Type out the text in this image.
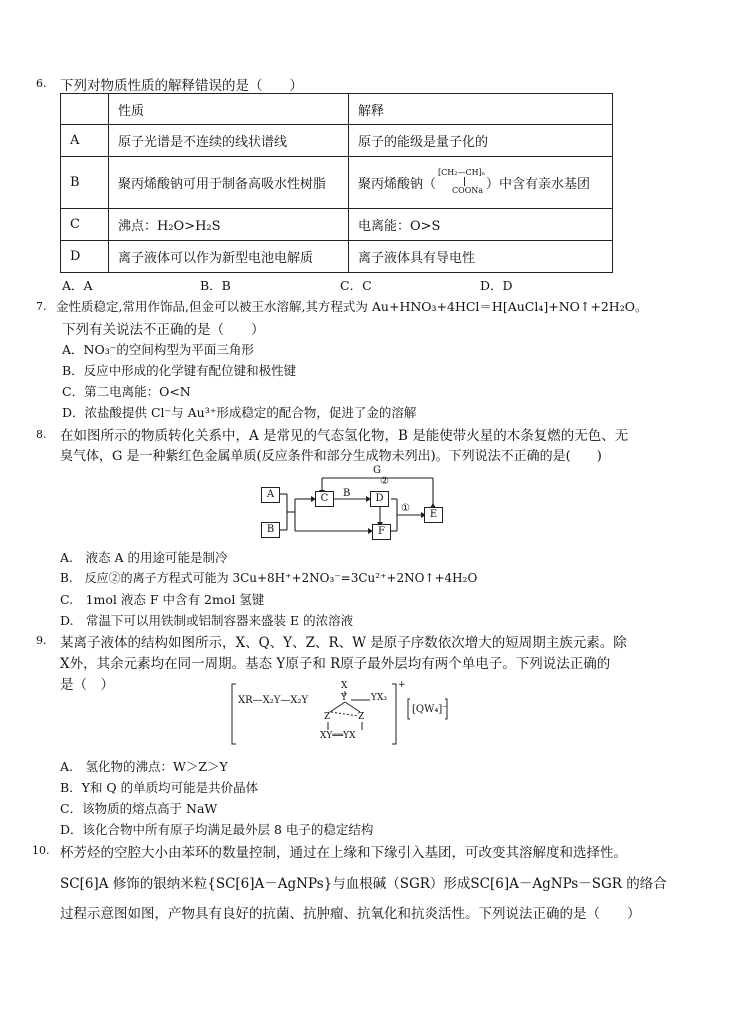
6. 下列对物质性质的解释错误的是（　　）
	性质	解释
A	原子光谱是不连续的线状谱线	原子的能级是量子化的
B	聚丙烯酸钠可用于制备高吸水性树脂	聚丙烯酸钠（
[CH₂—CH]ₙ
COONa ）中含有亲水基团
C	沸点：H₂O>H₂S	电离能：O>S
D	离子液体可以作为新型电池电解质	离子液体具有导电性
A．A	B．B	C．C	D．D
7. 金性质稳定,常用作饰品,但金可以被王水溶解,其方程式为 Au+HNO₃+4HCl＝H[AuCl₄]+NO↑+2H₂O。
下列有关说法不正确的是（　　）
A．NO₃⁻的空间构型为平面三角形
B．反应中形成的化学键有配位键和极性键
C．第二电离能：O<N
D．浓盐酸提供 Cl⁻与 Au³⁺形成稳定的配合物，促进了金的溶解
8. 在如图所示的物质转化关系中，A 是常见的气态氢化物，B 是能使带火星的木条复燃的无色、无
臭气体，G 是一种紫红色金属单质(反应条件和部分生成物未列出)。下列说法不正确的是(　　)
A
B
C	D
F
E
G
B
②
①
A.　液态 A 的用途可能是制冷
B.　反应②的离子方程式可能为 3Cu+8H⁺+2NO₃⁻=3Cu²⁺+2NO↑+4H₂O
C.　1mol 液态 F 中含有 2mol 氢键
D.　常温下可以用铁制或铝制容器来盛装 E 的浓溶液
9. 某离子液体的结构如图所示，X、Q、Y、Z、R、W 是原子序数依次增大的短周期主族元素。除
X外，其余元素均在同一周期。基态 Y原子和 R原子最外层均有两个单电子。下列说法正确的
是（　）
XR—X₂Y—X₂Y
X
Y	YX₃
Z	Z
XY══YX
+
[QW₄]⁻
A.　氢化物的沸点：W＞Z＞Y
B．Y和 Q 的单质均可能是共价晶体
C．该物质的熔点高于 NaW
D．该化合物中所有原子均满足最外层 8 电子的稳定结构
10. 杯芳烃的空腔大小由苯环的数量控制，通过在上缘和下缘引入基团，可改变其溶解度和选择性。
SC[6]A 修饰的银纳米粒{SC[6]A－AgNPs}与血根碱（SGR）形成SC[6]A－AgNPs－SGR 的络合
过程示意图如图，产物具有良好的抗菌、抗肿瘤、抗氧化和抗炎活性。下列说法正确的是（　　）
